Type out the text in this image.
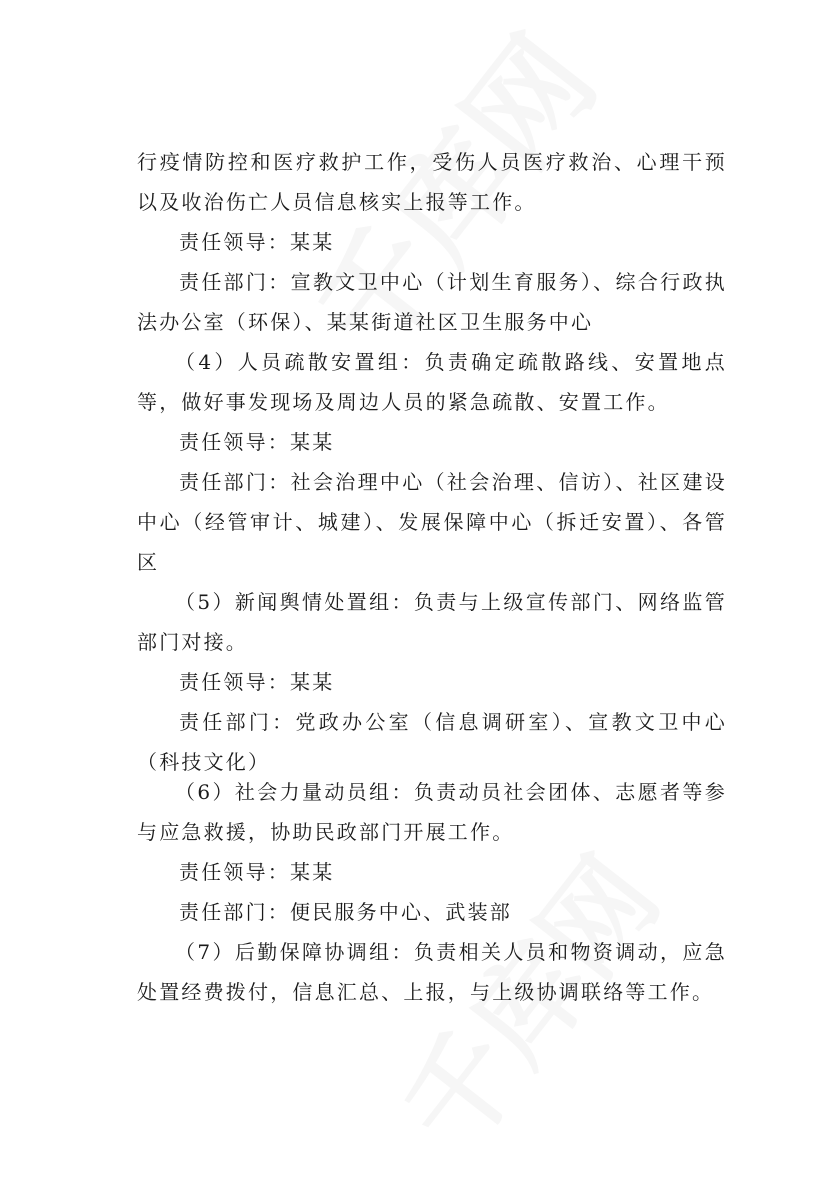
行疫情防控和医疗救护工作，受伤人员医疗救治、心理干预以及收治伤亡人员信息核实上报等工作。

责任领导：某某

责任部门：宣教文卫中心（计划生育服务）、综合行政执法办公室（环保）、某某街道社区卫生服务中心

（4）人员疏散安置组：负责确定疏散路线、安置地点等，做好事发现场及周边人员的紧急疏散、安置工作。

责任领导：某某

责任部门：社会治理中心（社会治理、信访）、社区建设中心（经管审计、城建）、发展保障中心（拆迁安置）、各管区

（5）新闻舆情处置组：负责与上级宣传部门、网络监管部门对接。

责任领导：某某

责任部门：党政办公室（信息调研室）、宣教文卫中心（科技文化）

（6）社会力量动员组：负责动员社会团体、志愿者等参与应急救援，协助民政部门开展工作。

责任领导：某某

责任部门：便民服务中心、武装部

（7）后勤保障协调组：负责相关人员和物资调动，应急处置经费拨付，信息汇总、上报，与上级协调联络等工作。
